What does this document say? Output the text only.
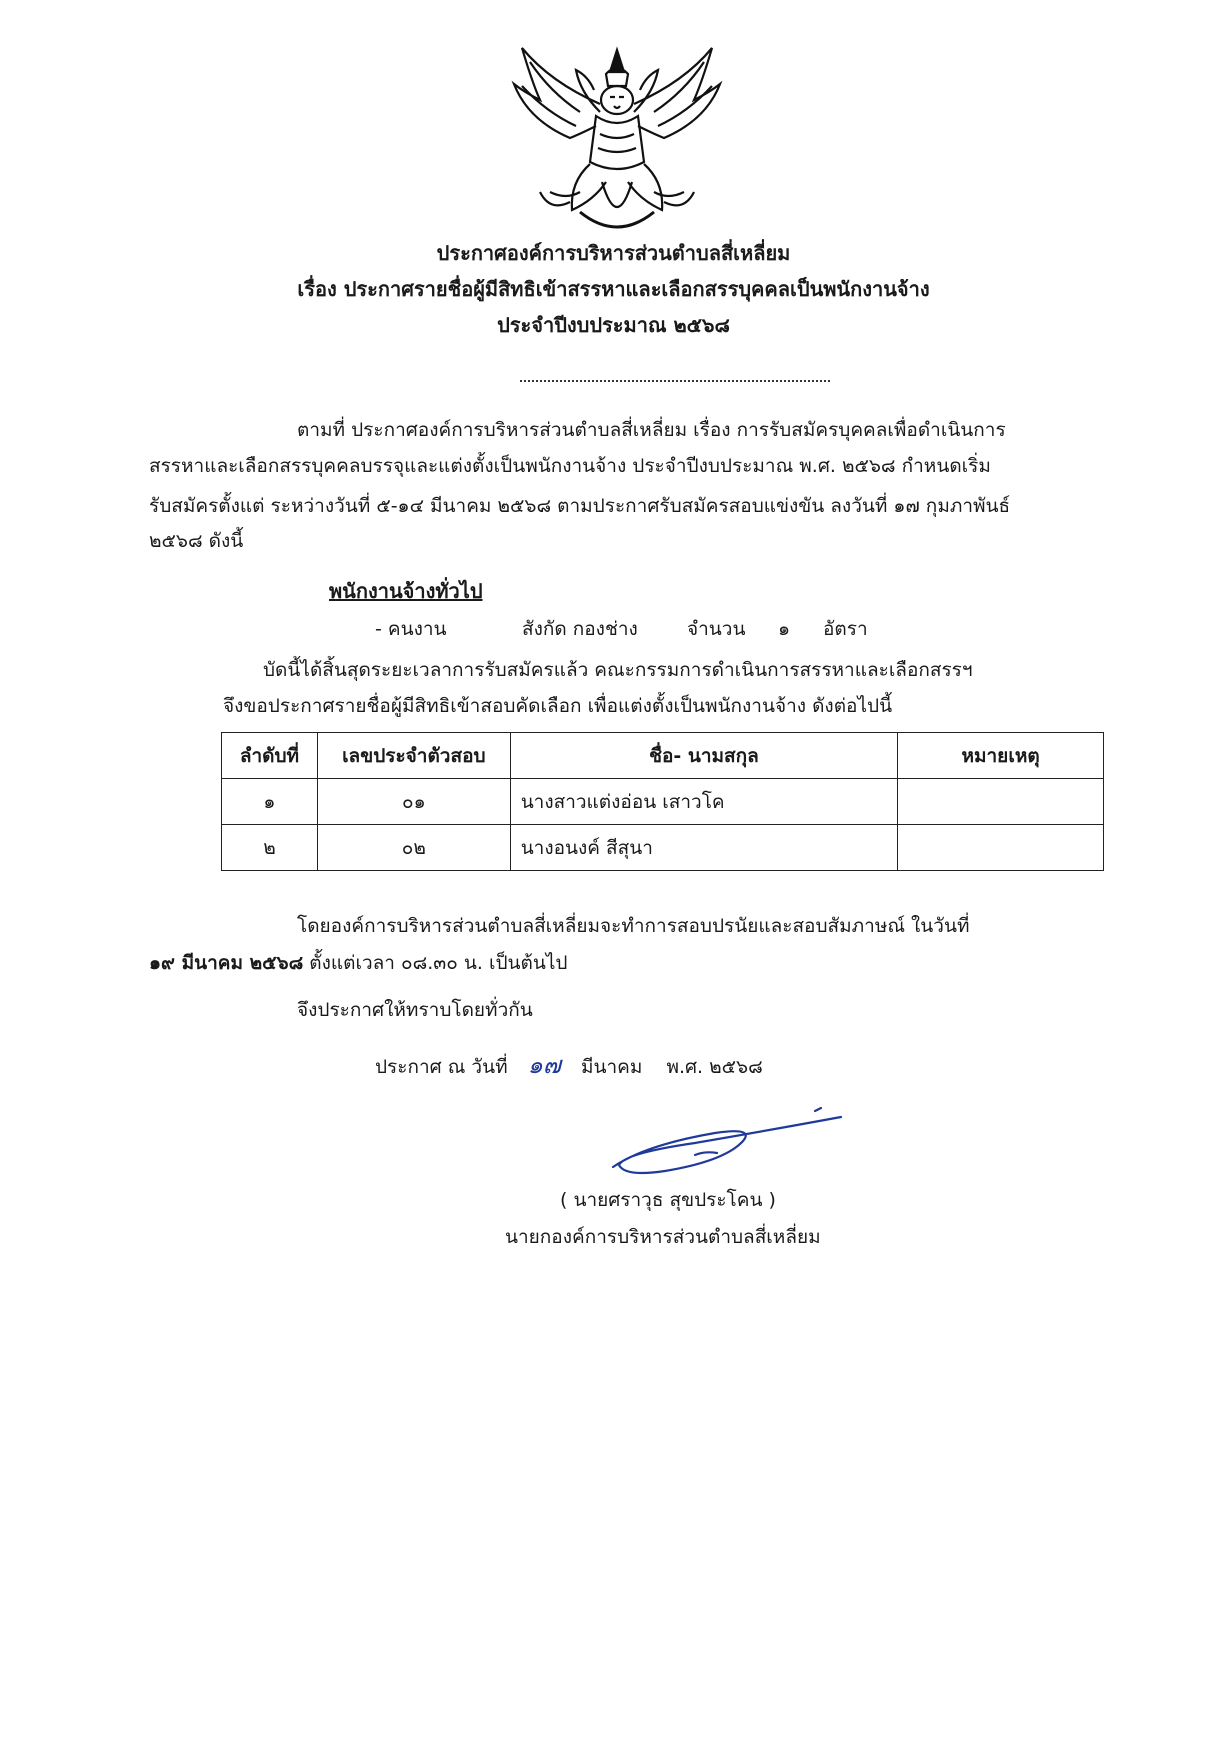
ประกาศองค์การบริหารส่วนตำบลสี่เหลี่ยม
เรื่อง ประกาศรายชื่อผู้มีสิทธิเข้าสรรหาและเลือกสรรบุคคลเป็นพนักงานจ้าง
ประจำปีงบประมาณ ๒๕๖๘
ตามที่ ประกาศองค์การบริหารส่วนตำบลสี่เหลี่ยม เรื่อง การรับสมัครบุคคลเพื่อดำเนินการ
สรรหาและเลือกสรรบุคคลบรรจุและแต่งตั้งเป็นพนักงานจ้าง ประจำปีงบประมาณ พ.ศ. ๒๕๖๘ กำหนดเริ่ม
รับสมัครตั้งแต่ ระหว่างวันที่ ๕-๑๔ มีนาคม ๒๕๖๘ ตามประกาศรับสมัครสอบแข่งขัน ลงวันที่ ๑๗ กุมภาพันธ์
๒๕๖๘ ดังนี้
พนักงานจ้างทั่วไป
- คนงาน	สังกัด กองช่าง	จำนวน ๑ อัตรา
บัดนี้ได้สิ้นสุดระยะเวลาการรับสมัครแล้ว คณะกรรมการดำเนินการสรรหาและเลือกสรรฯ
จึงขอประกาศรายชื่อผู้มีสิทธิเข้าสอบคัดเลือก เพื่อแต่งตั้งเป็นพนักงานจ้าง ดังต่อไปนี้
ลำดับที่	เลขประจำตัวสอบ	ชื่อ- นามสกุล	หมายเหตุ
๑	๐๑	นางสาวแต่งอ่อน เสาวโค	
๒	๐๒	นางอนงค์ สีสุนา	
โดยองค์การบริหารส่วนตำบลสี่เหลี่ยมจะทำการสอบปรนัยและสอบสัมภาษณ์ ในวันที่
๑๙ มีนาคม ๒๕๖๘ ตั้งแต่เวลา ๐๘.๓๐ น. เป็นต้นไป
จึงประกาศให้ทราบโดยทั่วกัน
ประกาศ ณ วันที่ ๑๗ มีนาคม พ.ศ. ๒๕๖๘
( นายศราวุธ สุขประโคน )
นายกองค์การบริหารส่วนตำบลสี่เหลี่ยม
